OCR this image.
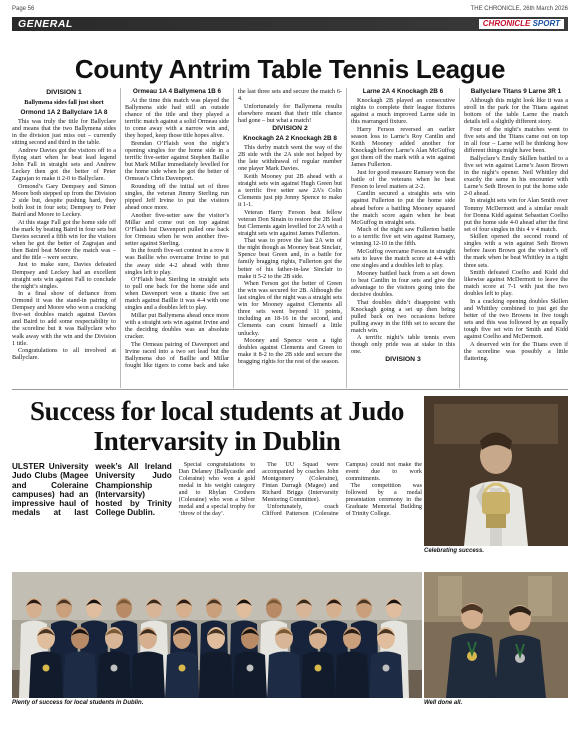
Page 56	THE CHRONICLE, 26th March 2026
GENERAL	CHRONICLE SPORT
County Antrim Table Tennis League
DIVISION 1

Ballymena sides fall just short

Ormond 1A 2 Ballyclare 1A 8

This was truly the title for Ballyclare and means that the two Ballymena sides in the division just miss out – currently sitting second and third in the table.

Andrew Davies got the visitors off to a flying start when he beat lead legend John Fall in straight sets and Andrew Leckey then got the better of Peter Zagrajan to make it 2-0 to Ballyclare.

Ormond’s Gary Dempsey and Simon Moore both stepped up from the Division 2 side but, despite pushing hard, they both lost in four sets; Dempsey to Peter Baird and Moore to Leckey.

At this stage Fall got the home side off the mark by beating Baird in four sets but Davies secured a fifth win for the visitors when he got the better of Zagrajan and then Baird beat Moore the match was – and the title – were secure.

Just to make sure, Davies defeated Dempsey and Leckey had an excellent straight sets win against Fall to conclude the night’s singles.

In a final show of defiance from Ormond it was the stand-in pairing of Dempsey and Moore who won a cracking five-set doubles match against Davies and Baird to add some respectability to the scoreline but it was Ballyclare who walk away with the win and the Division 1 title.

Congratulations to all involved at Ballyclare.

Ormeau 1A 4 Ballymena 1B 6

At the time this match was played the Ballymena side had still an outside chance of the title and they played a terrific match against a solid Ormeau side to come away with a narrow win and, they hoped, keep those title hopes alive.

Brendan O’Flaish won the night’s opening singles for the home side in a terrific five-setter against Stephen Baillie but Mark Millar immediately levelled for the home side when he got the better of Ormeau’s Chris Davenport.

Rounding off the initial set of three singles, the veteran Jimmy Sterling run pipped Jeff Irvine to put the visitors ahead once more.

Another five-setter saw the visitor’s Millar and come out on top against O’Flaish but Davenport pulled one back for Ormeau when he won another five-setter against Sterling.

In the fourth five-set contest in a row it was Baillie who overcame Irvine to put the away side 4-2 ahead with three singles left to play.

O’Flaish beat Sterling in straight sets to pull one back for the home side and when Davenport won a titanic five set match against Baillie it was 4-4 with one singles and a doubles left to play.

Millar put Ballymena ahead once more with a straight sets win against Irvine and the deciding doubles was an absolute cracker.

The Ormeau pairing of Davenport and Irvine raced into a two set lead but the Ballymena duo of Baillie and Millar fought like tigers to come back and take the last three sets and secure the match 6-4.

Unfortunately for Ballymena results elsewhere meant that their title chance had gone – but what a match!

DIVISION 2
Knockagh 2A 2 Knockagh 2B 8

This derby match went the way of the 2B side with the 2A side not helped by the late withdrawal of regular number one player Mark Davies.

Keith Mooney put 2B ahead with a straight sets win against Hugh Green but a terrific five setter saw 2A’s Colin Clements just pip Jonny Spence to make it 1-1.

Veteran Harry Ferson beat fellow veteran Don Sinain to restore the 2B lead but Clements again levelled for 2A with a straight sets win against James Fullerton.

That was to prove the last 2A win of the night though as Mooney beat Sinclair, Spence beat Green and, in a battle for family bragging rights, Fullerton got the better of his father-in-law Sinclair to make it 5-2 to the 2B side.

When Ferson got the better of Green the win was secured for 2B. Although the last singles of the night was a straight sets win for Mooney against Clements all three sets went beyond 11 points, including an 18-16 in the second, and Clements can count himself a little unlucky.

Mooney and Spence won a tight doubles against Clements and Green to make it 8-2 to the 2B side and secure the bragging rights for the rest of the season.

Larne 2A 4 Knockagh 2B 6

Knockagh 2B played an consecutive nights to complete their league fixtures against a much improved Larne side in this rearranged fixture.

Harry Ferson reversed an earlier season loss to Larne’s Roy Cantlin and Keith Mooney added another for Knockagh before Larne’s Alan McGuffog got them off the mark with a win against James Fullerton.

Just for good measure Ramsey won the battle of the veterans when he beat Ferson to level matters at 2-2.

Cantlin secured a straights sets win against Fullerton to put the home side ahead before a battling Mooney squared the match score again when he beat McGuffog in straight sets.

Much of the night saw Fullerton battle to a terrific five set win against Ramsey, winning 12-10 in the fifth.

McGuffog overcame Ferson in straight sets to leave the match score at 4-4 with one singles and a doubles left to play.

Mooney battled back from a set down to beat Cantlin in four sets and give the advantage to the visitors going into the decisive doubles.

That doubles didn’t disappoint with Knockagh going a set up then being pulled back on two occasions before pulling away in the fifth set to secure the match win.

A terrific night’s table tennis even though only pride was at stake in this one.

DIVISION 3
Ballyclare Titans 9 Larne 3R 1

Although this might look like it was a stroll in the park for the Titans against bottom of the table Larne the match details tell a slightly different story.

Four of the night’s matches went to five sets and the Titans came out on top in all four – Larne will be thinking how different things might have been.

Ballyclare’s Emily Skillen battled to a five set win against Larne’s Jason Brown in the night’s opener. Neil Whittley did exactly the same in his encounter with Larne’s Seth Brown to put the home side 2-0 ahead.

In straight sets win for Alan Smith over Tommy McDermott and a similar result for Donna Kidd against Sebastian Coelho put the home side 4-0 ahead after the first set of four singles in this 4 v 4 match.

Skillen opened the second round of singles with a win against Seth Brown before Jason Brown got the visitor’s off the mark when he beat Whittley in a tight three sets.

Smith defeated Coelho and Kidd did likewise against McDermott to leave the match score at 7-1 with just the two doubles left to play.

In a cracking opening doubles Skillen and Whittley combined to just get the better of the two Browns in five tough sets and this was followed by an equally tough five set win for Smith and Kidd against Coelho and McDermott.

A deserved win for the Titans even if the scoreline was possibly a little flattering.

Success for local students at Judo Intervarsity in Dublin

ULSTER University Judo Clubs (Magee and Coleraine campuses) had an impressive haul of medals at last week’s All Ireland University Judo Championship (Intervarsity) hosted by Trinity College Dublin.

Special congratulations to Dan Delaney (Ballycastle and Coleraine) who won a gold medal in his weight category and to Rhylan Crothers (Coleraine) who won a Silver medal and a special trophy for ‘throw of the day’.

The UU Squad were accompanied by coaches John Montgomery (Coleraine), Fintan Darragh (Magee) and Richard Briggs (Intervarsity Mentoring Committee).

Unfortunately, coach Clifford Patterson (Coleraine Campus) could not make the event due to work commitments.

The competition was followed by a medal presentation ceremony in the Graduate Memorial Building of Trinity College.

Celebrating success.
Plenty of success for local students in Dublin.	Well done all.
